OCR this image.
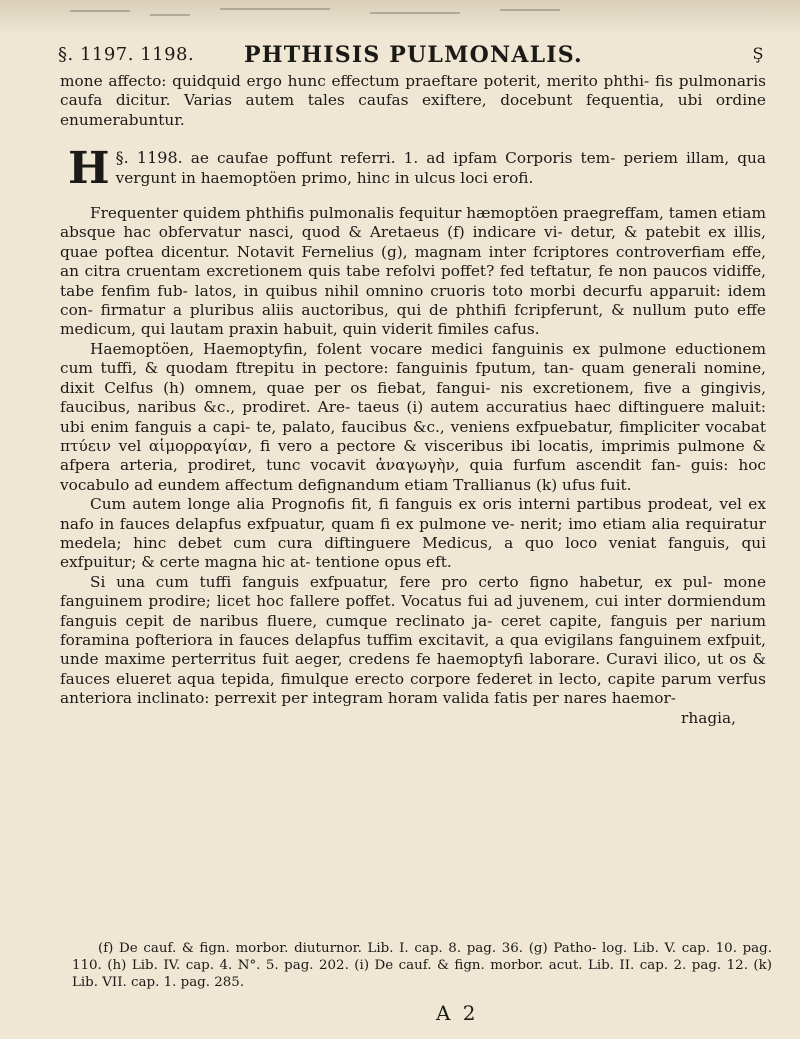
§. 1197. 1198. PHTHISIS PULMONALIS.	Ş

mone affecto: quidquid ergo hunc effectum praeftare poterit, merito phthi- fis pulmonaris caufa dicitur. Varias autem tales caufas exiftere, docebunt fequentia, ubi ordine enumerabuntur.

§. 1198.
H	ae caufae poffunt referri. 1. ad ipfam Corporis tem- periem illam, qua vergunt in haemoptöen primo, hinc in ulcus loci erofi.

Frequenter quidem phthifis pulmonalis fequitur hæmoptöen praegreffam, tamen etiam absque hac obfervatur nasci, quod & Aretaeus (f) indicare vi- detur, & patebit ex illis, quae poftea dicentur. Notavit Fernelius (g), magnam inter fcriptores controverfiam effe, an citra cruentam excretionem quis tabe refolvi poffet? fed teftatur, fe non paucos vidiffe, tabe fenfim fub- latos, in quibus nihil omnino cruoris toto morbi decurfu apparuit: idem con- firmatur a pluribus aliis auctoribus, qui de phthifi fcripferunt, & nullum puto effe medicum, qui lautam praxin habuit, quin viderit fimiles cafus.

Haemoptöen, Haemoptyfin, folent vocare medici fanguinis ex pulmone eductionem cum tuffi, & quodam ftrepitu in pectore: fanguinis fputum, tan- quam generali nomine, dixit Celfus (h) omnem, quae per os fiebat, fangui- nis excretionem, five a gingivis, faucibus, naribus &c., prodiret. Are- taeus (i) autem accuratius haec diftinguere maluit: ubi enim fanguis a capi- te, palato, faucibus &c., veniens exfpuebatur, fimpliciter vocabat πτύειν vel αἱμορραγίαν, fi vero a pectore & visceribus ibi locatis, imprimis pulmone & afpera arteria, prodiret, tunc vocavit ἀναγωγὴν, quia furfum ascendit fan- guis: hoc vocabulo ad eundem affectum defignandum etiam Trallianus (k) ufus fuit.

Cum autem longe alia Prognofis fit, fi fanguis ex oris interni partibus prodeat, vel ex nafo in fauces delapfus exfpuatur, quam fi ex pulmone ve- nerit; imo etiam alia requiratur medela; hinc debet cum cura diftinguere Medicus, a quo loco veniat fanguis, qui exfpuitur; & certe magna hic at- tentione opus eft.

Si una cum tuffi fanguis exfpuatur, fere pro certo figno habetur, ex pul- mone fanguinem prodire; licet hoc fallere poffet. Vocatus fui ad juvenem, cui inter dormiendum fanguis cepit de naribus fluere, cumque reclinato ja- ceret capite, fanguis per narium foramina pofteriora in fauces delapfus tuffim excitavit, a qua evigilans fanguinem exfpuit, unde maxime perterritus fuit aeger, credens fe haemoptyfi laborare. Curavi ilico, ut os & fauces elueret aqua tepida, fimulque erecto corpore federet in lecto, capite parum verfus anteriora inclinato: perrexit per integram horam valida fatis per nares haemor-

rhagia,

(f) De cauf. & fign. morbor. diuturnor. Lib. I. cap. 8. pag. 36. (g) Patho- log. Lib. V. cap. 10. pag. 110. (h) Lib. IV. cap. 4. N°. 5. pag. 202. (i) De cauf. & fign. morbor. acut. Lib. II. cap. 2. pag. 12. (k) Lib. VII. cap. 1. pag. 285.

A 2
